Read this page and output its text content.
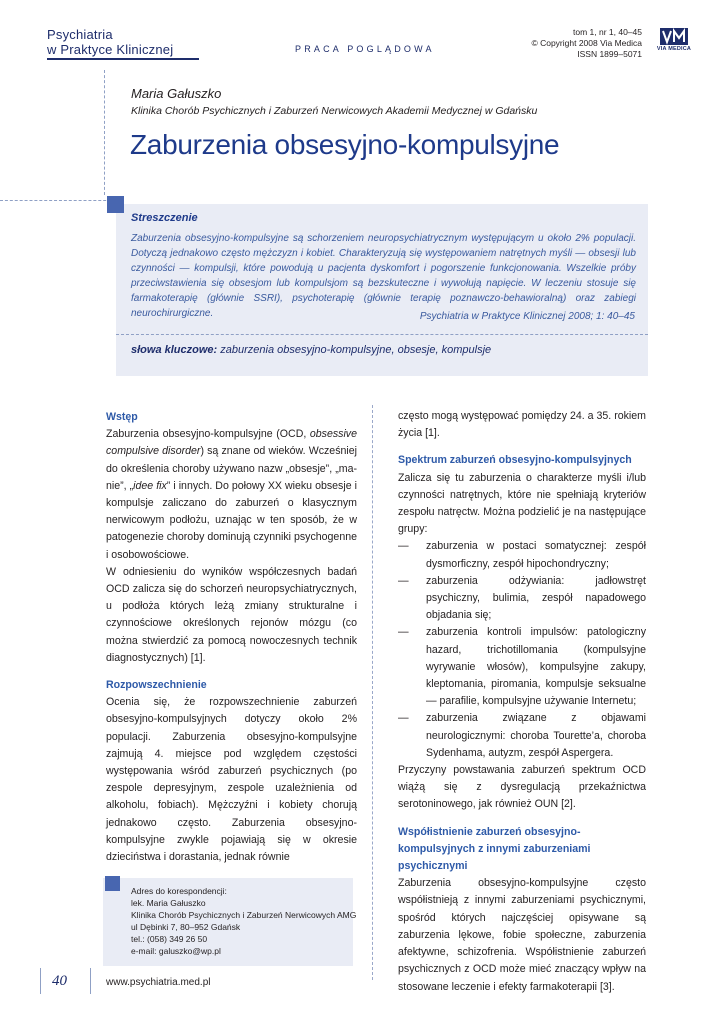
Psychiatria
w Praktyce Klinicznej	PRACA POGLĄDOWA
tom 1, nr 1, 40–45
© Copyright 2008 Via Medica
ISSN 1899–5071	VIA MEDICA
Maria Gałuszko
Klinika Chorób Psychicznych i Zaburzeń Nerwicowych Akademii Medycznej w Gdańsku
Zaburzenia obsesyjno-kompulsyjne
Streszczenie
Zaburzenia obsesyjno-kompulsyjne są schorzeniem neuropsychiatrycznym występującym u około 2% populacji. Dotyczą jednakowo często mężczyzn i kobiet. Charakteryzują się występowaniem natrętnych myśli — obsesji lub czynności — kompulsji, które powodują u pacjenta dyskomfort i pogorszenie funkcjonowania. Wszelkie próby przeciwstawienia się obsesjom lub kompulsjom są bezskuteczne i wywołują napięcie. W leczeniu stosuje się farmakoterapię (głównie SSRI), psychoterapię (głównie terapię poznawczo-behawioralną) oraz zabiegi neurochirurgiczne.	Psychiatria w Praktyce Klinicznej 2008; 1: 40–45
słowa kluczowe: zaburzenia obsesyjno-kompulsyjne, obsesje, kompulsje
Wstęp

Zaburzenia obsesyjno-kompulsyjne (OCD, obsessive compulsive disorder) są znane od wieków. Wcześniej do określenia choroby używano nazw „obsesje”, „ma-nie”, „idee fix” i innych. Do połowy XX wieku obsesje i kompulsje zaliczano do zaburzeń o klasycznym nerwicowym podłożu, uznając w ten sposób, że w patogenezie choroby dominują czynniki psychogenne i osobowościowe.

W odniesieniu do wyników współczesnych badań OCD zalicza się do schorzeń neuropsychiatrycznych, u podłoża których leżą zmiany strukturalne i czynnościowe określonych rejonów mózgu (co można stwierdzić za pomocą nowoczesnych technik diagnostycznych) [1].

Rozpowszechnienie

Ocenia się, że rozpowszechnienie zaburzeń obsesyjno-kompulsyjnych dotyczy około 2% populacji. Zaburzenia obsesyjno-kompulsyjne zajmują 4. miejsce pod względem częstości występowania wśród zaburzeń psychicznych (po zespole depresyjnym, zespole uzależnienia od alkoholu, fobiach). Mężczyźni i kobiety chorują jednakowo często. Zaburzenia obsesyjno-kompulsyjne zwykle pojawiają się w okresie dzieciństwa i dorastania, jednak równie

często mogą występować pomiędzy 24. a 35. rokiem życia [1].

Spektrum zaburzeń obsesyjno-kompulsyjnych

Zalicza się tu zaburzenia o charakterze myśli i/lub czynności natrętnych, które nie spełniają kryteriów zespołu natręctw. Można podzielić je na następujące grupy:

— zaburzenia w postaci somatycznej: zespół dysmorficzny, zespół hipochondryczny;
— zaburzenia odżywiania: jadłowstręt psychiczny, bulimia, zespół napadowego objadania się;
— zaburzenia kontroli impulsów: patologiczny hazard, trichotillomania (kompulsyjne wyrywanie włosów), kompulsyjne zakupy, kleptomania, piromania, kompulsje seksualne — parafilie, kompulsyjne używanie Internetu;
— zaburzenia związane z objawami neurologicznymi: choroba Tourette’a, choroba Sydenhama, autyzm, zespół Aspergera.

Przyczyny powstawania zaburzeń spektrum OCD wiążą się z dysregulacją przekaźnictwa serotoninowego, jak również OUN [2].

Współistnienie zaburzeń obsesyjno-kompulsyjnych z innymi zaburzeniami psychicznymi

Zaburzenia obsesyjno-kompulsyjne często współistnieją z innymi zaburzeniami psychicznymi, spośród których najczęściej opisywane są zaburzenia lękowe, fobie społeczne, zaburzenia afektywne, schizofrenia. Współistnienie zaburzeń psychicznych z OCD może mieć znaczący wpływ na stosowane leczenie i efekty farmakoterapii [3].

Adres do korespondencji:
lek. Maria Gałuszko
Klinika Chorób Psychicznych i Zaburzeń Nerwicowych AMG
ul Dębinki 7, 80–952 Gdańsk
tel.: (058) 349 26 50
e-mail: galuszko@wp.pl
40	www.psychiatria.med.pl
